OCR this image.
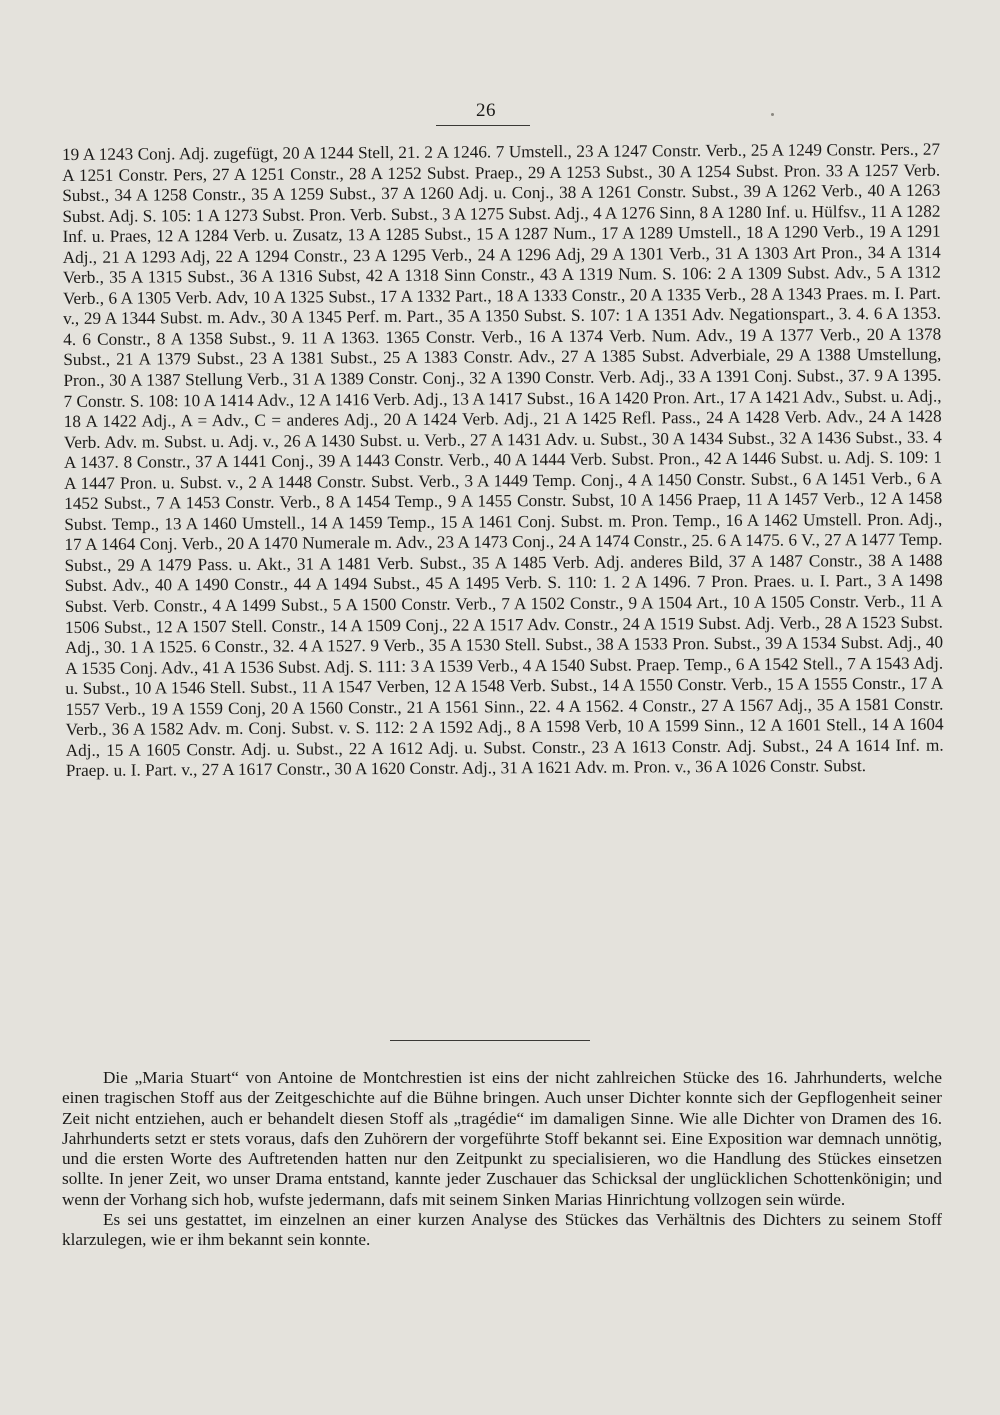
26
19 A 1243 Conj. Adj. zugefügt, 20 A 1244 Stell, 21. 2 A 1246. 7 Umstell., 23 A 1247 Constr. Verb., 25 A 1249 Constr. Pers., 27 A 1251 Constr. Pers, 27 A 1251 Constr., 28 A 1252 Subst. Praep., 29 A 1253 Subst., 30 A 1254 Subst. Pron. 33 A 1257 Verb. Subst., 34 A 1258 Constr., 35 A 1259 Subst., 37 A 1260 Adj. u. Conj., 38 A 1261 Constr. Subst., 39 A 1262 Verb., 40 A 1263 Subst. Adj. S. 105: 1 A 1273 Subst. Pron. Verb. Subst., 3 A 1275 Subst. Adj., 4 A 1276 Sinn, 8 A 1280 Inf. u. Hülfsv., 11 A 1282 Inf. u. Praes, 12 A 1284 Verb. u. Zusatz, 13 A 1285 Subst., 15 A 1287 Num., 17 A 1289 Umstell., 18 A 1290 Verb., 19 A 1291 Adj., 21 A 1293 Adj, 22 A 1294 Constr., 23 A 1295 Verb., 24 A 1296 Adj, 29 A 1301 Verb., 31 A 1303 Art Pron., 34 A 1314 Verb., 35 A 1315 Subst., 36 A 1316 Subst, 42 A 1318 Sinn Constr., 43 A 1319 Num. S. 106: 2 A 1309 Subst. Adv., 5 A 1312 Verb., 6 A 1305 Verb. Adv, 10 A 1325 Subst., 17 A 1332 Part., 18 A 1333 Constr., 20 A 1335 Verb., 28 A 1343 Praes. m. I. Part. v., 29 A 1344 Subst. m. Adv., 30 A 1345 Perf. m. Part., 35 A 1350 Subst. S. 107: 1 A 1351 Adv. Negationspart., 3. 4. 6 A 1353. 4. 6 Constr., 8 A 1358 Subst., 9. 11 A 1363. 1365 Constr. Verb., 16 A 1374 Verb. Num. Adv., 19 A 1377 Verb., 20 A 1378 Subst., 21 A 1379 Subst., 23 A 1381 Subst., 25 A 1383 Constr. Adv., 27 A 1385 Subst. Adverbiale, 29 A 1388 Umstellung, Pron., 30 A 1387 Stellung Verb., 31 A 1389 Constr. Conj., 32 A 1390 Constr. Verb. Adj., 33 A 1391 Conj. Subst., 37. 9 A 1395. 7 Constr. S. 108: 10 A 1414 Adv., 12 A 1416 Verb. Adj., 13 A 1417 Subst., 16 A 1420 Pron. Art., 17 A 1421 Adv., Subst. u. Adj., 18 A 1422 Adj., A = Adv., C = anderes Adj., 20 A 1424 Verb. Adj., 21 A 1425 Refl. Pass., 24 A 1428 Verb. Adv., 24 A 1428 Verb. Adv. m. Subst. u. Adj. v., 26 A 1430 Subst. u. Verb., 27 A 1431 Adv. u. Subst., 30 A 1434 Subst., 32 A 1436 Subst., 33. 4 A 1437. 8 Constr., 37 A 1441 Conj., 39 A 1443 Constr. Verb., 40 A 1444 Verb. Subst. Pron., 42 A 1446 Subst. u. Adj. S. 109: 1 A 1447 Pron. u. Subst. v., 2 A 1448 Constr. Subst. Verb., 3 A 1449 Temp. Conj., 4 A 1450 Constr. Subst., 6 A 1451 Verb., 6 A 1452 Subst., 7 A 1453 Constr. Verb., 8 A 1454 Temp., 9 A 1455 Constr. Subst, 10 A 1456 Praep, 11 A 1457 Verb., 12 A 1458 Subst. Temp., 13 A 1460 Umstell., 14 A 1459 Temp., 15 A 1461 Conj. Subst. m. Pron. Temp., 16 A 1462 Umstell. Pron. Adj., 17 A 1464 Conj. Verb., 20 A 1470 Numerale m. Adv., 23 A 1473 Conj., 24 A 1474 Constr., 25. 6 A 1475. 6 V., 27 A 1477 Temp. Subst., 29 A 1479 Pass. u. Akt., 31 A 1481 Verb. Subst., 35 A 1485 Verb. Adj. anderes Bild, 37 A 1487 Constr., 38 A 1488 Subst. Adv., 40 A 1490 Constr., 44 A 1494 Subst., 45 A 1495 Verb. S. 110: 1. 2 A 1496. 7 Pron. Praes. u. I. Part., 3 A 1498 Subst. Verb. Constr., 4 A 1499 Subst., 5 A 1500 Constr. Verb., 7 A 1502 Constr., 9 A 1504 Art., 10 A 1505 Constr. Verb., 11 A 1506 Subst., 12 A 1507 Stell. Constr., 14 A 1509 Conj., 22 A 1517 Adv. Constr., 24 A 1519 Subst. Adj. Verb., 28 A 1523 Subst. Adj., 30. 1 A 1525. 6 Constr., 32. 4 A 1527. 9 Verb., 35 A 1530 Stell. Subst., 38 A 1533 Pron. Subst., 39 A 1534 Subst. Adj., 40 A 1535 Conj. Adv., 41 A 1536 Subst. Adj. S. 111: 3 A 1539 Verb., 4 A 1540 Subst. Praep. Temp., 6 A 1542 Stell., 7 A 1543 Adj. u. Subst., 10 A 1546 Stell. Subst., 11 A 1547 Verben, 12 A 1548 Verb. Subst., 14 A 1550 Constr. Verb., 15 A 1555 Constr., 17 A 1557 Verb., 19 A 1559 Conj, 20 A 1560 Constr., 21 A 1561 Sinn., 22. 4 A 1562. 4 Constr., 27 A 1567 Adj., 35 A 1581 Constr. Verb., 36 A 1582 Adv. m. Conj. Subst. v. S. 112: 2 A 1592 Adj., 8 A 1598 Verb, 10 A 1599 Sinn., 12 A 1601 Stell., 14 A 1604 Adj., 15 A 1605 Constr. Adj. u. Subst., 22 A 1612 Adj. u. Subst. Constr., 23 A 1613 Constr. Adj. Subst., 24 A 1614 Inf. m. Praep. u. I. Part. v., 27 A 1617 Constr., 30 A 1620 Constr. Adj., 31 A 1621 Adv. m. Pron. v., 36 A 1026 Constr. Subst.

Die „Maria Stuart“ von Antoine de Montchrestien ist eins der nicht zahlreichen Stücke des 16. Jahrhunderts, welche einen tragischen Stoff aus der Zeitgeschichte auf die Bühne bringen. Auch unser Dichter konnte sich der Gepflogenheit seiner Zeit nicht entziehen, auch er behandelt diesen Stoff als „tragédie“ im damaligen Sinne. Wie alle Dichter von Dramen des 16. Jahrhunderts setzt er stets voraus, dafs den Zuhörern der vorgeführte Stoff bekannt sei. Eine Exposition war demnach unnötig, und die ersten Worte des Auftretenden hatten nur den Zeitpunkt zu specialisieren, wo die Handlung des Stückes einsetzen sollte. In jener Zeit, wo unser Drama entstand, kannte jeder Zuschauer das Schicksal der unglücklichen Schottenkönigin; und wenn der Vorhang sich hob, wufste jedermann, dafs mit seinem Sinken Marias Hinrichtung vollzogen sein würde.

Es sei uns gestattet, im einzelnen an einer kurzen Analyse des Stückes das Verhältnis des Dichters zu seinem Stoff klarzulegen, wie er ihm bekannt sein konnte.
